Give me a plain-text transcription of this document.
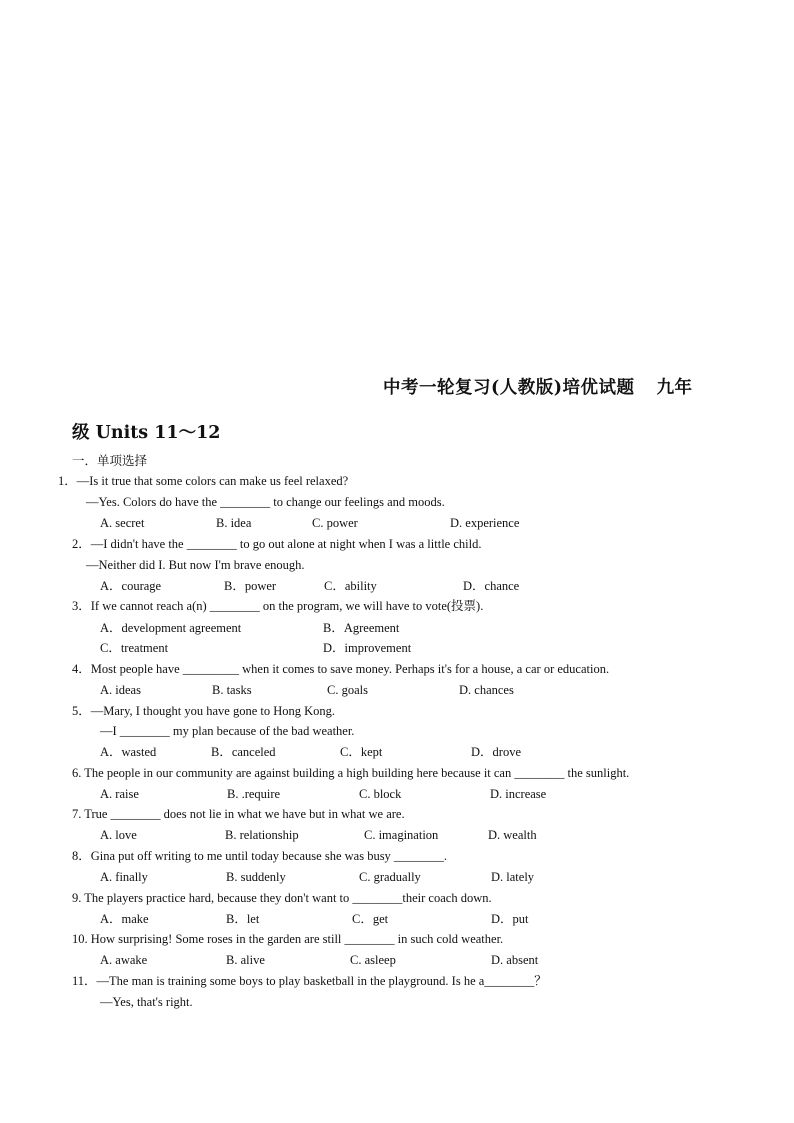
中考一轮复习(人教版)培优试题 九年
级 Units 11～12
一．单项选择
1．—Is it true that some colors can make us feel relaxed?
—Yes. Colors do have the ________ to change our feelings and moods.
A. secret	B. idea	C. power	D. experience
2．—I didn't have the ________ to go out alone at night when I was a little child.
—Neither did I. But now I'm brave enough.
A．courage	B．power	C．ability	D．chance
3．If we cannot reach a(n) ________ on the program, we will have to vote(投票).
A．development agreement	B．Agreement
C．treatment	D．improvement
4．Most people have _________ when it comes to save money. Perhaps it's for a house, a car or education.
A. ideas	B. tasks	C. goals	D. chances
5．—Mary, I thought you have gone to Hong Kong.
—I ________ my plan because of the bad weather.
A．wasted	B．canceled	C．kept	D．drove
6. The people in our community are against building a high building here because it can ________ the sunlight.
A. raise	B. .require	C. block	D. increase
7. True ________ does not lie in what we have but in what we are.
A. love	B. relationship	C. imagination	D. wealth
8．Gina put off writing to me until today because she was busy ________.
A. finally	B. suddenly	C. gradually	D. lately
9. The players practice hard, because they don't want to ________their coach down.
A．make	B．let	C．get	D．put
10. How surprising! Some roses in the garden are still ________ in such cold weather.
A. awake	B. alive	C. asleep	D. absent
11．—The man is training some boys to play basketball in the playground. Is he a________？
—Yes, that's right.
